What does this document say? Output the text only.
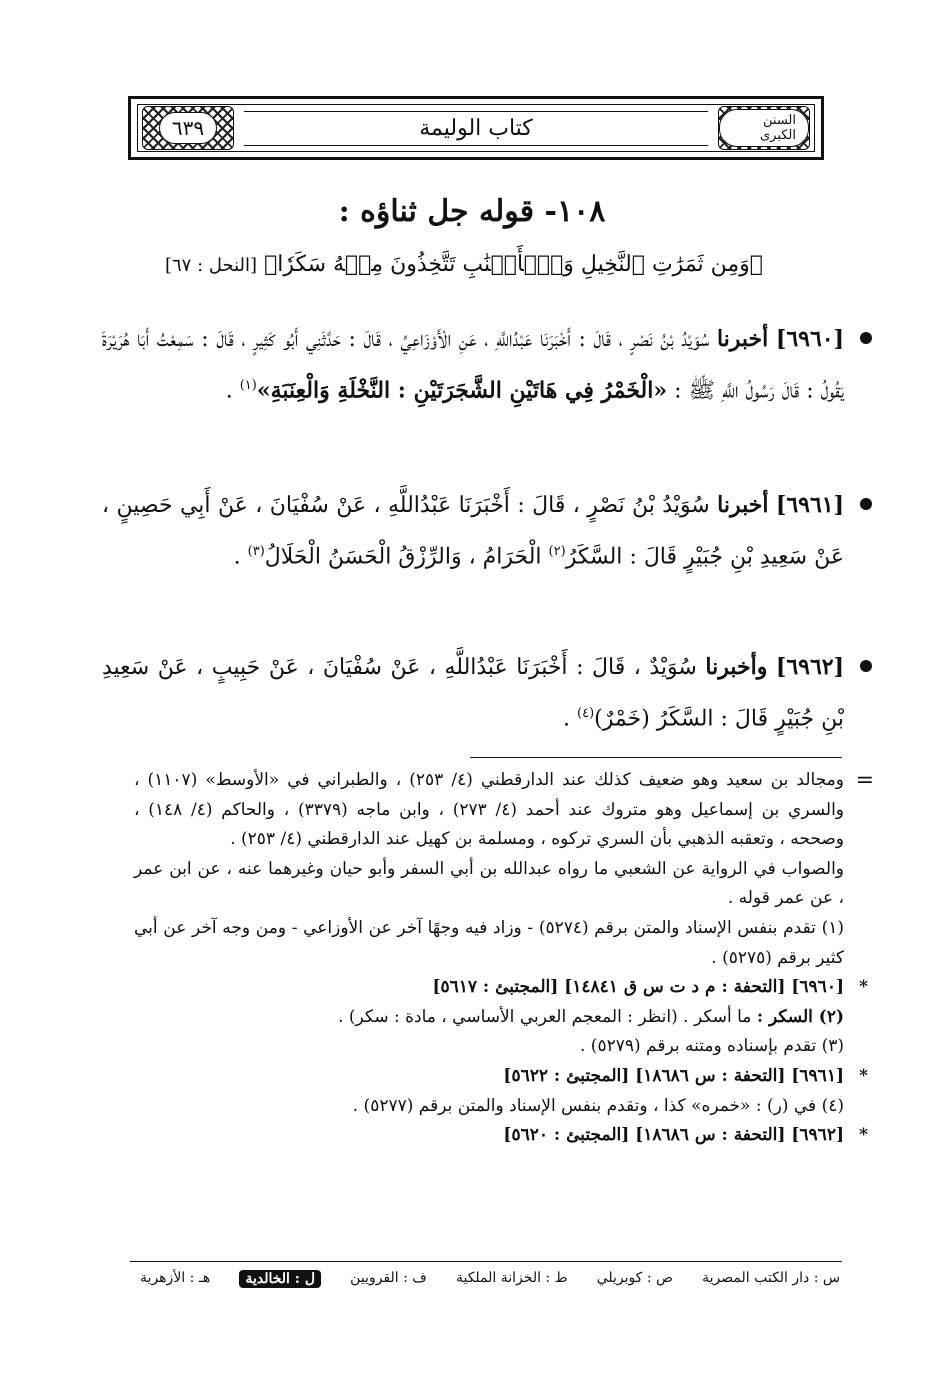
٦٣٩	كتاب الوليمة	السنن الكبرى
١٠٨- قوله جل ثناؤه :
﴿وَمِن ثَمَرَٰتِ ٱلنَّخِيلِ وَٱلۡأَعۡنَٰبِ تَتَّخِذُونَ مِنۡهُ سَكَرٗا﴾ [النحل : ٦٧]
[٦٩٦٠] أخبرنا سُوَيْدُ بْنُ نَصْرٍ ، قَالَ : أَخْبَرَنَا عَبْدُاللَّهِ ، عَنِ الْأَوْزَاعِيِّ ، قَالَ : حَدَّثَنِي أَبُو كَثِيرٍ ، قَالَ : سَمِعْتُ أَبَا هُرَيْرَةَ يَقُولُ : قَالَ رَسُولُ اللَّهِ ﷺ : «الْخَمْرُ فِي هَاتَيْنِ الشَّجَرَتَيْنِ : النَّخْلَةِ وَالْعِنَبَةِ»$^{(١)}$ .
[٦٩٦١] أخبرنا سُوَيْدُ بْنُ نَصْرٍ ، قَالَ : أَخْبَرَنَا عَبْدُاللَّهِ ، عَنْ سُفْيَانَ ، عَنْ أَبِي حَصِينٍ ، عَنْ سَعِيدِ بْنِ جُبَيْرٍ قَالَ : السَّكَرُ$^{(٢)}$ الْحَرَامُ ، وَالرِّزْقُ الْحَسَنُ الْحَلَالُ$^{(٣)}$ .
[٦٩٦٢] وأخبرنا سُوَيْدٌ ، قَالَ : أَخْبَرَنَا عَبْدُاللَّهِ ، عَنْ سُفْيَانَ ، عَنْ حَبِيبٍ ، عَنْ سَعِيدِ بْنِ جُبَيْرٍ قَالَ : السَّكَرُ (خَمْرٌ)$^{(٤)}$ .
=

ومجالد بن سعيد وهو ضعيف كذلك عند الدارقطني (٤/ ٢٥٣) ، والطبراني في «الأوسط» (١١٠٧) ، والسري بن إسماعيل وهو متروك عند أحمد (٤/ ٢٧٣) ، وابن ماجه (٣٣٧٩) ، والحاكم (٤/ ١٤٨) ، وصححه ، وتعقبه الذهبي بأن السري تركوه ، ومسلمة بن كهيل عند الدارقطني (٤/ ٢٥٣) .

والصواب في الرواية عن الشعبي ما رواه عبدالله بن أبي السفر وأبو حيان وغيرهما عنه ، عن ابن عمر ، عن عمر قوله .

(١) تقدم بنفس الإسناد والمتن برقم (٥٢٧٤) - وزاد فيه وجهًا آخر عن الأوزاعي - ومن وجه آخر عن أبي كثير برقم (٥٢٧٥) .

* [٦٩٦٠] [التحفة : م د ت س ق ١٤٨٤١] [المجتبئ : ٥٦١٧]

(٢) السكر : ما أسكر . (انظر : المعجم العربي الأساسي ، مادة : سكر) .

(٣) تقدم بإسناده ومتنه برقم (٥٢٧٩) .

* [٦٩٦١] [التحفة : س ١٨٦٨٦] [المجتبئ : ٥٦٢٢]

(٤) في (ر) : «خمره» كذا ، وتقدم بنفس الإسناد والمتن برقم (٥٢٧٧) .

* [٦٩٦٢] [التحفة : س ١٨٦٨٦] [المجتبئ : ٥٦٢٠]

س : دار الكتب المصرية
ص : كوبريلي
ط : الخزانة الملكية
ف : القرويين
ل : الخالدية
هـ : الأزهرية
